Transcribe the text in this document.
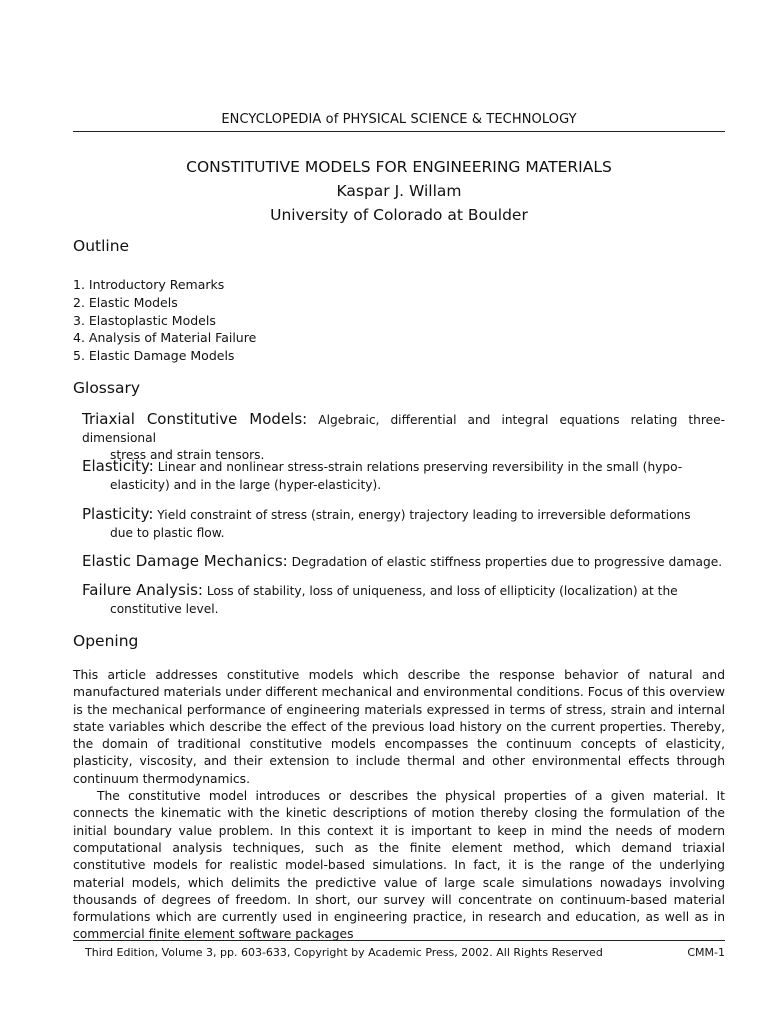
ENCYCLOPEDIA of PHYSICAL SCIENCE & TECHNOLOGY
CONSTITUTIVE MODELS FOR ENGINEERING MATERIALS
Kaspar J. Willam
University of Colorado at Boulder
Outline
1. Introductory Remarks
2. Elastic Models
3. Elastoplastic Models
4. Analysis of Material Failure
5. Elastic Damage Models
Glossary
Triaxial Constitutive Models: Algebraic, differential and integral equations relating three-dimensional
stress and strain tensors.
Elasticity: Linear and nonlinear stress-strain relations preserving reversibility in the small (hypo-
elasticity) and in the large (hyper-elasticity).
Plasticity: Yield constraint of stress (strain, energy) trajectory leading to irreversible deformations
due to plastic flow.
Elastic Damage Mechanics: Degradation of elastic stiffness properties due to progressive damage.
Failure Analysis: Loss of stability, loss of uniqueness, and loss of ellipticity (localization) at the
constitutive level.
Opening

This article addresses constitutive models which describe the response behavior of natural and manufactured materials under different mechanical and environmental conditions. Focus of this overview is the mechanical performance of engineering materials expressed in terms of stress, strain and internal state variables which describe the effect of the previous load history on the current properties. Thereby, the domain of traditional constitutive models encompasses the continuum concepts of elasticity, plasticity, viscosity, and their extension to include thermal and other environmental effects through continuum thermodynamics.

The constitutive model introduces or describes the physical properties of a given material. It connects the kinematic with the kinetic descriptions of motion thereby closing the formulation of the initial boundary value problem. In this context it is important to keep in mind the needs of modern computational analysis techniques, such as the finite element method, which demand triaxial constitutive models for realistic model-based simulations. In fact, it is the range of the underlying material models, which delimits the predictive value of large scale simulations nowadays involving thousands of degrees of freedom. In short, our survey will concentrate on continuum-based material formulations which are currently used in engineering practice, in research and education, as well as in commercial finite element software packages

Third Edition, Volume 3, pp. 603-633, Copyright by Academic Press, 2002. All Rights Reserved	CMM-1
